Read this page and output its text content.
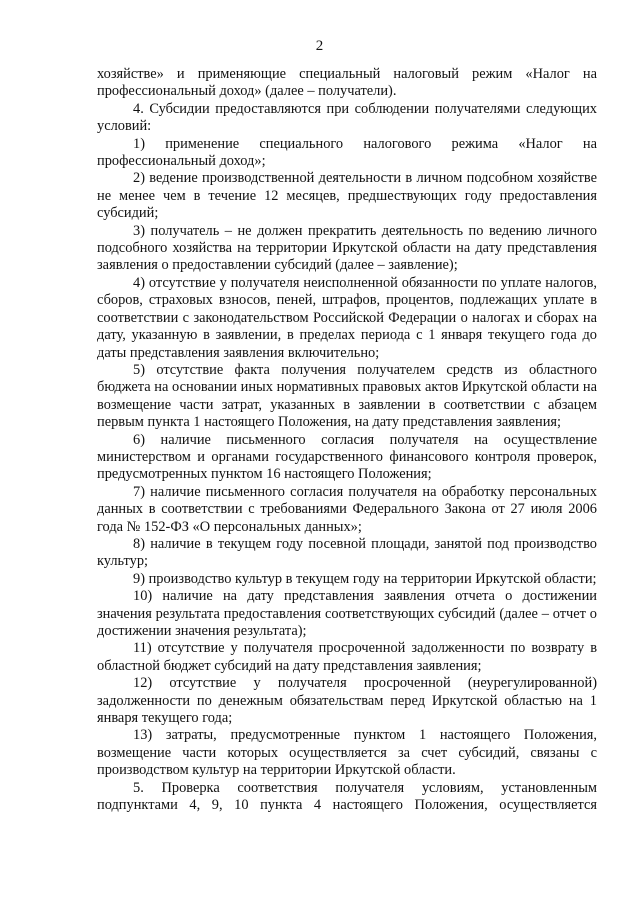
2

хозяйстве» и применяющие специальный налоговый режим «Налог на профессиональный доход» (далее – получатели).

4. Субсидии предоставляются при соблюдении получателями следующих условий:

1) применение специального налогового режима «Налог на профессиональный доход»;

2) ведение производственной деятельности в личном подсобном хозяйстве не менее чем в течение 12 месяцев, предшествующих году предоставления субсидий;

3) получатель – не должен прекратить деятельность по ведению личного подсобного хозяйства на территории Иркутской области на дату представления заявления о предоставлении субсидий (далее – заявление);

4) отсутствие у получателя неисполненной обязанности по уплате налогов, сборов, страховых взносов, пеней, штрафов, процентов, подлежащих уплате в соответствии с законодательством Российской Федерации о налогах и сборах на дату, указанную в заявлении, в пределах периода с 1 января текущего года до даты представления заявления включительно;

5) отсутствие факта получения получателем средств из областного бюджета на основании иных нормативных правовых актов Иркутской области на возмещение части затрат, указанных в заявлении в соответствии с абзацем первым пункта 1 настоящего Положения, на дату представления заявления;

6) наличие письменного согласия получателя на осуществление министерством и органами государственного финансового контроля проверок, предусмотренных пунктом 16 настоящего Положения;

7) наличие письменного согласия получателя на обработку персональных данных в соответствии с требованиями Федерального Закона от 27 июля 2006 года № 152-ФЗ «О персональных данных»;

8) наличие в текущем году посевной площади, занятой под производство культур;

9) производство культур в текущем году на территории Иркутской области;

10) наличие на дату представления заявления отчета о достижении значения результата предоставления соответствующих субсидий (далее – отчет о достижении значения результата);

11) отсутствие у получателя просроченной задолженности по возврату в областной бюджет субсидий на дату представления заявления;

12) отсутствие у получателя просроченной (неурегулированной) задолженности по денежным обязательствам перед Иркутской областью на 1 января текущего года;

13) затраты, предусмотренные пунктом 1 настоящего Положения, возмещение части которых осуществляется за счет субсидий, связаны с производством культур на территории Иркутской области.

5. Проверка соответствия получателя условиям, установленным подпунктами 4, 9, 10 пункта 4 настоящего Положения, осуществляется
